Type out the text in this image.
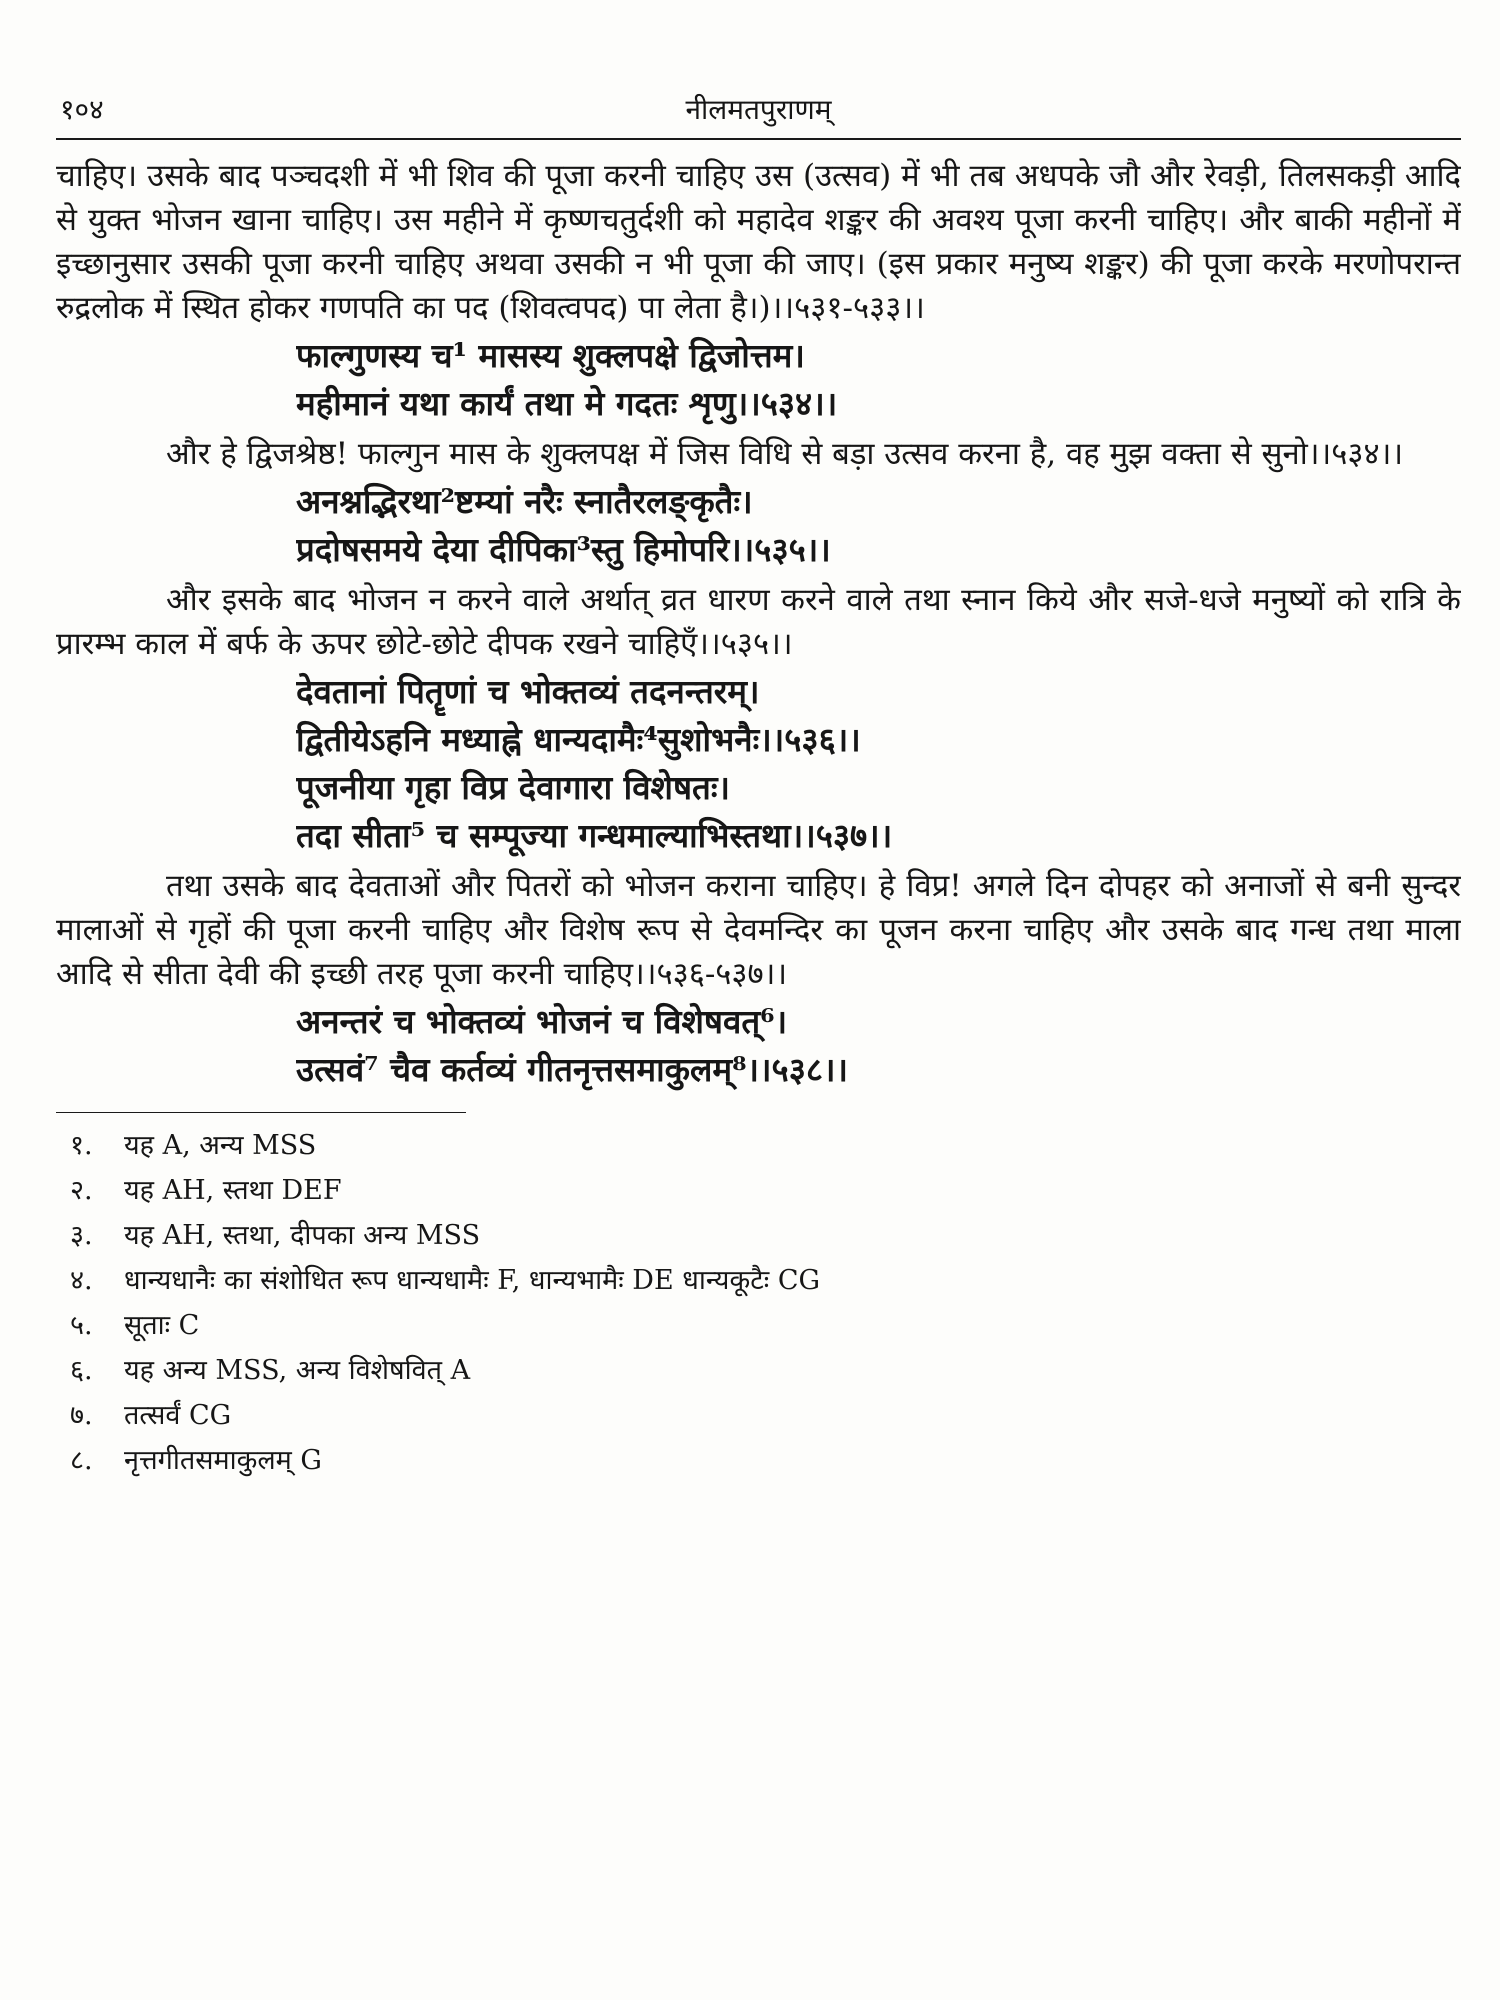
१०४	नीलमतपुराणम्

चाहिए। उसके बाद पञ्चदशी में भी शिव की पूजा करनी चाहिए उस (उत्सव) में भी तब अधपके जौ और रेवड़ी, तिलसकड़ी आदि से युक्त भोजन खाना चाहिए। उस महीने में कृष्णचतुर्दशी को महादेव शङ्कर की अवश्य पूजा करनी चाहिए। और बाकी महीनों में इच्छानुसार उसकी पूजा करनी चाहिए अथवा उसकी न भी पूजा की जाए। (इस प्रकार मनुष्य शङ्कर) की पूजा करके मरणोपरान्त रुद्रलोक में स्थित होकर गणपति का पद (शिवत्वपद) पा लेता है।)।।५३१-५३३।।

फाल्गुणस्य च¹ मासस्य शुक्लपक्षे द्विजोत्तम।
महीमानं यथा कार्यं तथा मे गदतः शृणु।।५३४।।

और हे द्विजश्रेष्ठ! फाल्गुन मास के शुक्लपक्ष में जिस विधि से बड़ा उत्सव करना है, वह मुझ वक्ता से सुनो।।५३४।।

अनश्नद्भिरथा²ष्टम्यां नरैः स्नातैरलङ्कृतैः।
प्रदोषसमये देया दीपिका³स्तु हिमोपरि।।५३५।।

और इसके बाद भोजन न करने वाले अर्थात् व्रत धारण करने वाले तथा स्नान किये और सजे-धजे मनुष्यों को रात्रि के प्रारम्भ काल में बर्फ के ऊपर छोटे-छोटे दीपक रखने चाहिएँ।।५३५।।

देवतानां पितॄणां च भोक्तव्यं तदनन्तरम्।
द्वितीयेऽहनि मध्याह्ने धान्यदामैः⁴सुशोभनैः।।५३६।।
पूजनीया गृहा विप्र देवागारा विशेषतः।
तदा सीता⁵ च सम्पूज्या गन्धमाल्याभिस्तथा।।५३७।।

तथा उसके बाद देवताओं और पितरों को भोजन कराना चाहिए। हे विप्र! अगले दिन दोपहर को अनाजों से बनी सुन्दर मालाओं से गृहों की पूजा करनी चाहिए और विशेष रूप से देवमन्दिर का पूजन करना चाहिए और उसके बाद गन्ध तथा माला आदि से सीता देवी की इच्छी तरह पूजा करनी चाहिए।।५३६-५३७।।

अनन्तरं च भोक्तव्यं भोजनं च विशेषवत्⁶।
उत्सवं⁷ चैव कर्तव्यं गीतनृत्तसमाकुलम्⁸।।५३८।।
१. यह A, अन्य MSS
२. यह AH, स्तथा DEF
३. यह AH, स्तथा, दीपका अन्य MSS
४. धान्यधानैः का संशोधित रूप धान्यधामैः F, धान्यभामैः DE धान्यकूटैः CG
५. सूताः C
६. यह अन्य MSS, अन्य विशेषवित् A
७. तत्सर्वं CG
८. नृत्तगीतसमाकुलम् G
